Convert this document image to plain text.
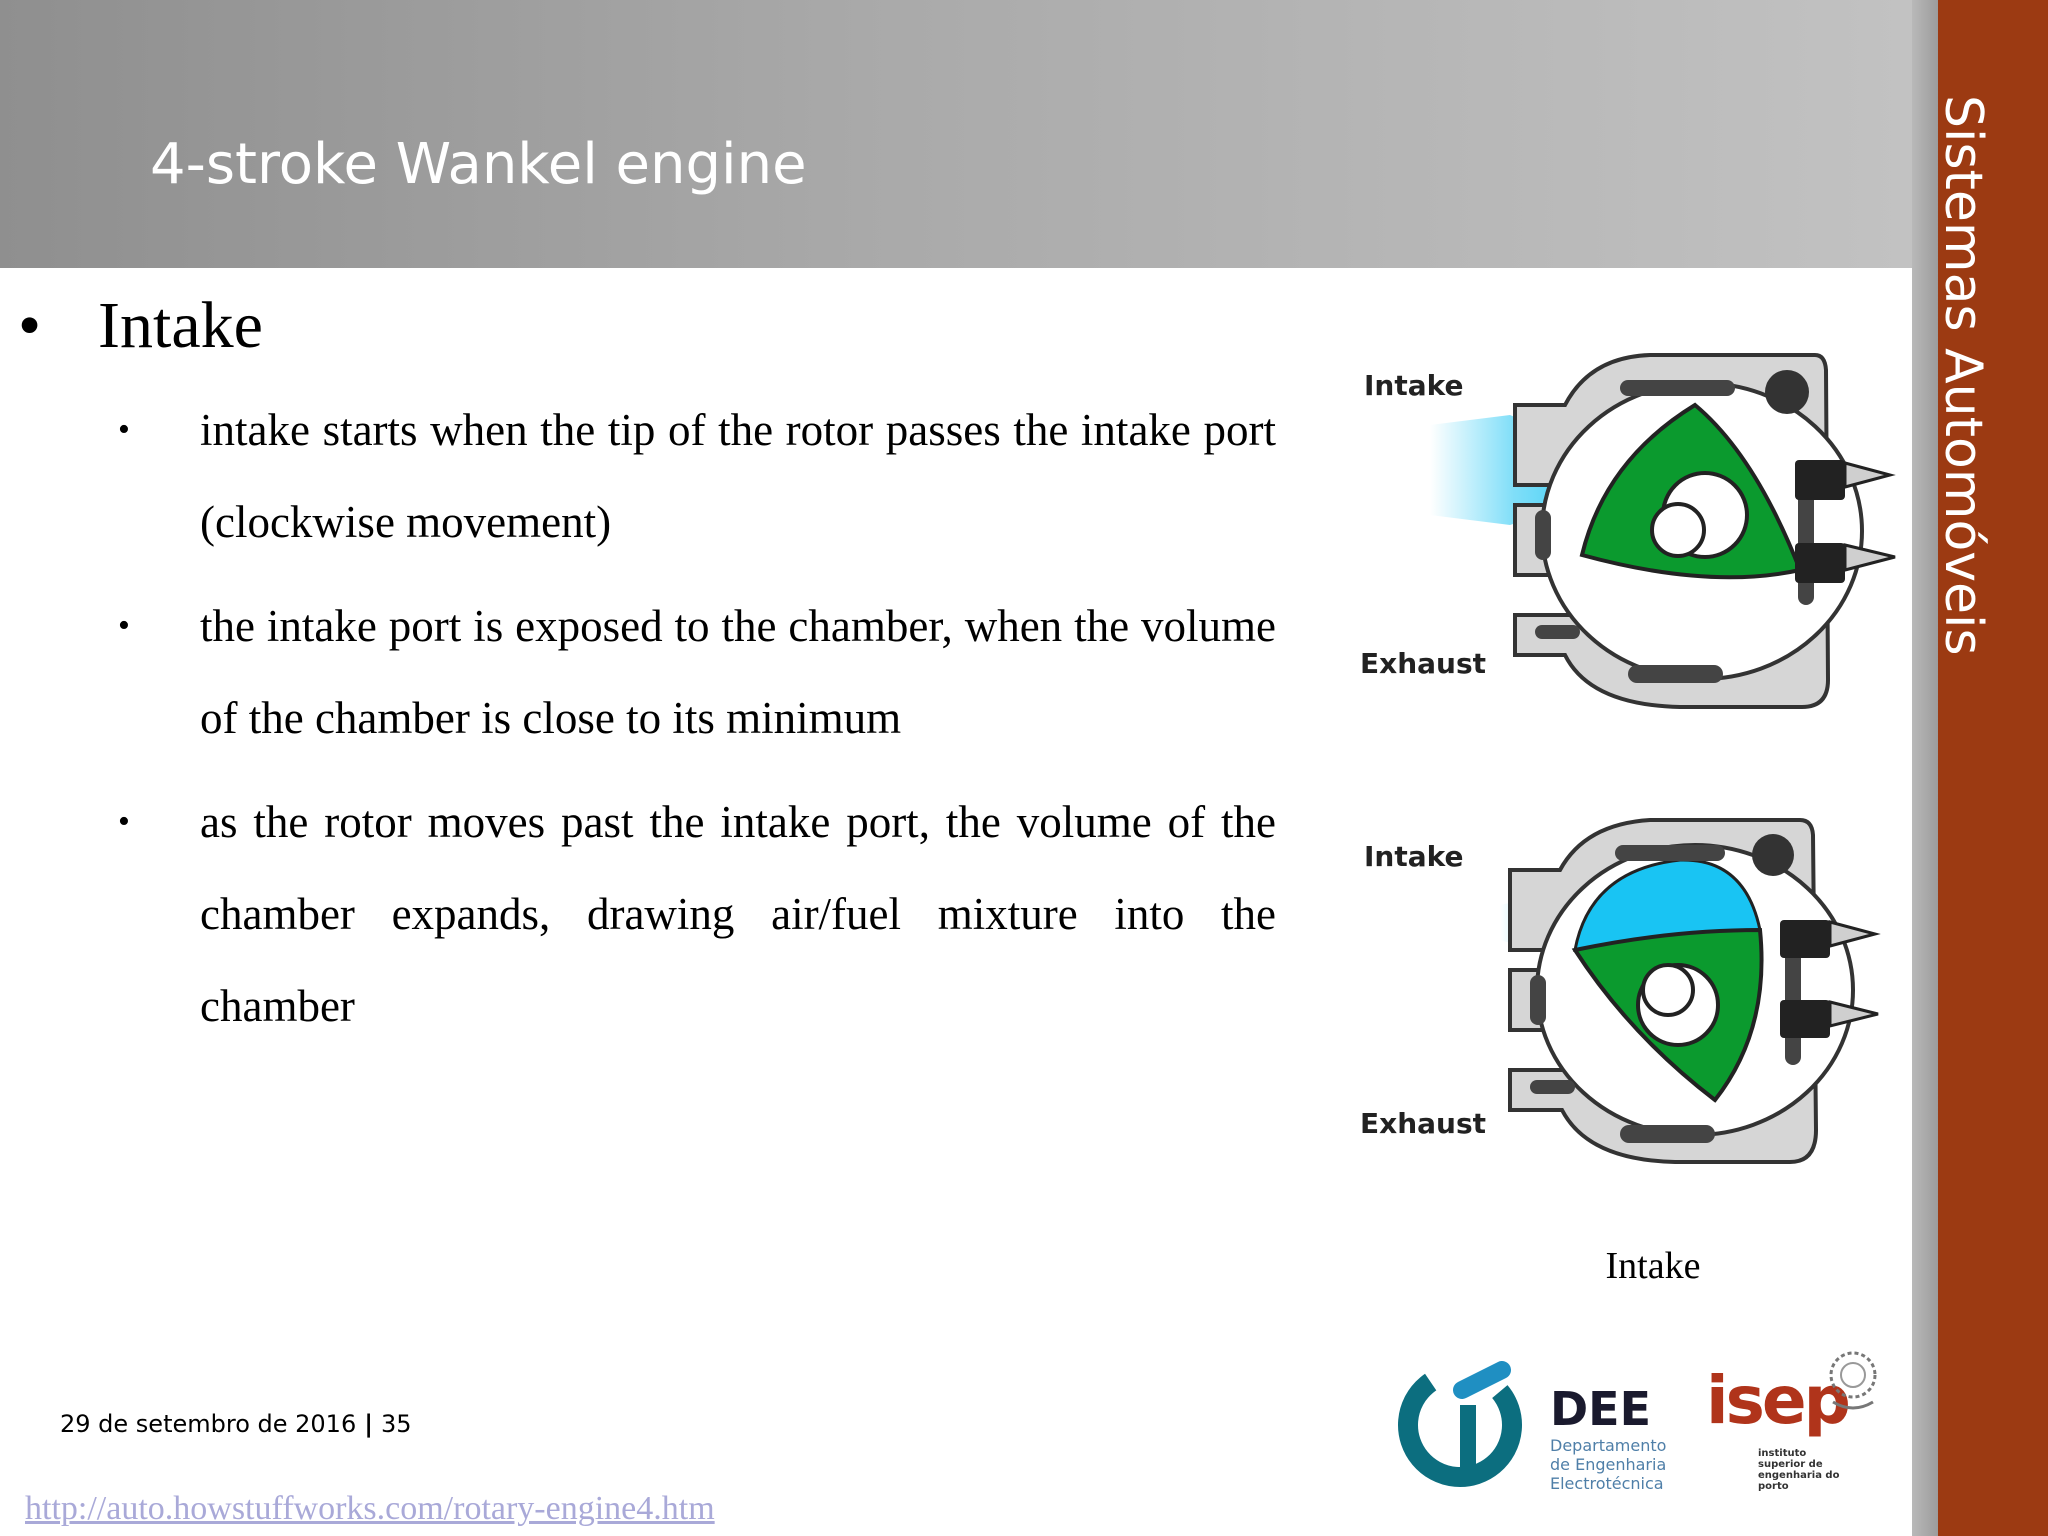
4-stroke Wankel engine	Sistemas Automóveis
• Intake
• intake starts when the tip of the rotor passes the intake port (clockwise movement)
• the intake port is exposed to the chamber, when the volume of the chamber is close to its minimum
• as the rotor moves past the intake port, the volume of the chamber expands, drawing air/fuel mixture into the chamber
Intake
Exhaust
Intake
Exhaust
Intake
29 de setembro de 2016 | 35
http://auto.howstuffworks.com/rotary-engine4.htm
DEE
Departamento
de Engenharia
Electrotécnica
isep
instituto
superior de
engenharia do
porto
